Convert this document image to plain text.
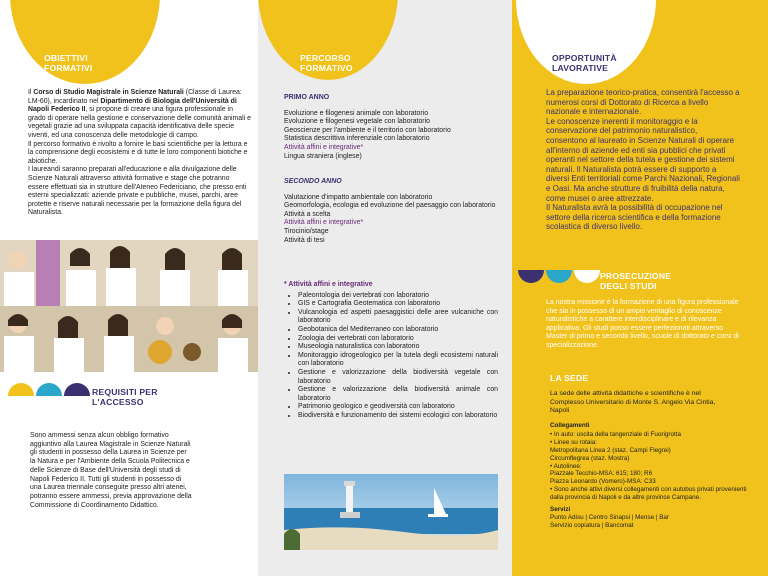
OBIETTIVI
FORMATIVI

Il Corso di Studio Magistrale in Scienze Naturali (Classe di Laurea: LM-60), incardinato nel Dipartimento di Biologia dell'Università di Napoli Federico II, si propone di creare una figura professionale in grado di operare nella gestione e conservazione delle comunità animali e vegetali grazie ad una sviluppata capacità identificativa delle specie viventi, ed una conoscenza delle metodologie di campo.

Il percorso formativo è rivolto a fornire le basi scientifiche per la lettura e la comprensione degli ecosistemi e di tutte le loro componenti biotiche e abiotiche.

I laureandi saranno preparati all'educazione e alla divulgazione delle Scienze Naturali attraverso attività formative e stage che potranno essere effettuati sia in strutture dell'Ateneo Federiciano, che presso enti esterni specializzati: aziende private e pubbliche, musei, parchi, aree protette e riserve naturali necessarie per la formazione della figura del Naturalista.

REQUISITI PER
L'ACCESSO
Sono ammessi senza alcun obbligo formativo aggiuntivo alla Laurea Magistrale in Scienze Naturali gli studenti in possesso della Laurea in Scienze per la Natura e per l'Ambiente della Scuola Politecnica e delle Scienze di Base dell'Università degli studi di Napoli Federico II. Tutti gli studenti in possesso di una Laurea triennale conseguite presso altri atenei, potranno essere ammessi, previa approvazione della Commissione di Coordinamento Didattico.
PERCORSO
FORMATIVO

PRIMO ANNO

Evoluzione e filogenesi animale con laboratorio

Evoluzione e filogenesi vegetale con laboratorio

Geoscienze per l'ambiente e il territorio con laboratorio

Statistica descrittiva inferenziale con laboratorio

Attività affini e integrative*

Lingua straniera (inglese)

SECONDO ANNO

Valutazione d'impatto ambientale con laboratorio

Geomorfologia, ecologia ed evoluzione del paesaggio con laboratorio

Attività a scelta

Attività affini e integrative*

Tirocinio/stage

Attività di tesi

* Attività affini e integrative

• Paleontologia dei vertebrati con laboratorio
• GIS e Cartografia Geotematica con laboratorio
• Vulcanologia ed aspetti paesaggistici delle aree vulcaniche con laboratorio
• Geobotanica del Mediterraneo con laboratorio
• Zoologia dei vertebrati con laboratorio
• Museologia naturalistica con laboratorio
• Monitoraggio idrogeologico per la tutela degli ecosistemi naturali con laboratorio
• Gestione e valorizzazione della biodiversità vegetale con laboratorio
• Gestione e valorizzazione della biodiversità animale con laboratorio
• Patrimonio geologico e geodiversità con laboratorio
• Biodiversità e funzionamento dei sistemi ecologici con laboratorio
OPPORTUNITÀ
LAVORATIVE

La preparazione teorico-pratica, consentirà l'accesso a numerosi corsi di Dottorato di Ricerca a livello nazionale e internazionale.

Le conoscenze inerenti il monitoraggio e la conservazione del patrimonio naturalistico, consentono al laureato in Scienze Naturali di operare all'interno di aziende ed enti sia pubblici che privati operanti nel settore della tutela e gestione dei sistemi naturali. Il Naturalista potrà essere di supporto a diversi Enti territoriali come Parchi Nazionali, Regionali e Oasi. Ma anche strutture di fruibilità della natura, come musei o aree attrezzate.

Il Naturalista avrà la possibilità di occupazione nel settore della ricerca scientifica e della formazione scolastica di diverso livello.

PROSECUZIONE
DEGLI STUDI
La nostra missione è la formazione di una figura professionale che sia in possesso di un ampio ventaglio di conoscenze naturalistiche a carattere interdisciplinare e di rilevanza applicativa. Gli studi posso essere perfezionati attraverso Master di primo e secondo livello, scuole di dottorato e corsi di specializzazione.
LA SEDE
La sede delle attività didattiche e scientifiche è nel Complesso Universitario di Monte S. Angelo Via Cintia, Napoli

Collegamenti

• In auto: uscita della tangenziale di Fuorigrotta

• Linee su rotaia:

Metropolitana Linea 2 (staz. Campi Flegrei)

Circumflegrea (staz. Mostra)

• Autolinee:

Piazzale Tecchio-MSA: 615; 180; R6

Piazza Leonardo (Vomero)-MSA: C33

• Sono anche attivi diversi collegamenti con autobus privati provenienti dalla provincia di Napoli e da altre province Campane.

Servizi

Punto Adisu | Centro Sinapsi | Mense | Bar

Servizio copiatura | Bancomat
